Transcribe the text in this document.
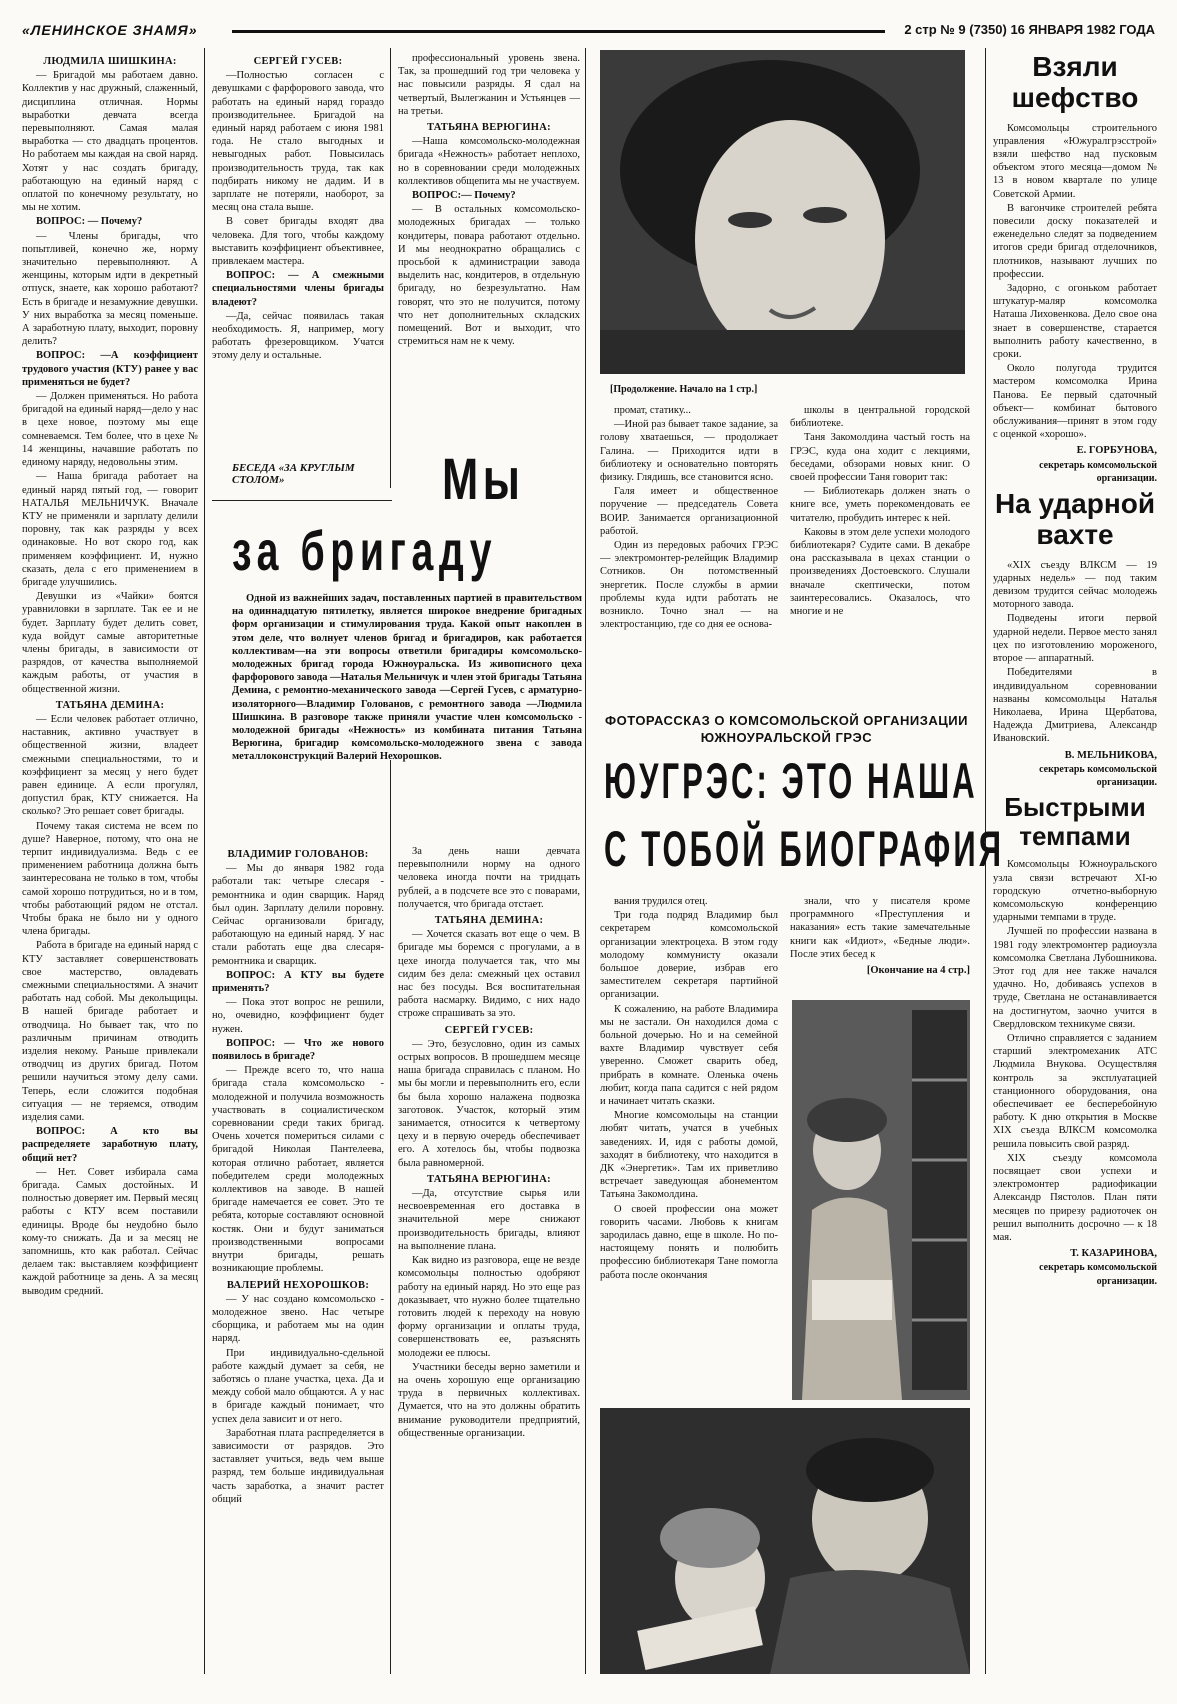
«ЛЕНИНСКОЕ ЗНАМЯ»	2 стр № 9 (7350) 16 ЯНВАРЯ 1982 ГОДА

ЛЮДМИЛА ШИШКИНА:

— Бригадой мы работаем давно. Коллектив у нас дружный, слаженный, дисциплина отличная. Нормы выработки девчата всегда перевыполняют. Самая малая выработка — сто двадцать процентов. Но работаем мы каждая на свой наряд. Хотят у нас создать бригаду, работающую на единый наряд с оплатой по конечному результату, но мы не хотим.

ВОПРОС: — Почему?

— Члены бригады, что попытливей, конечно же, норму значительно перевыполняют. А женщины, которым идти в декретный отпуск, знаете, как хорошо работают? Есть в бригаде и незамужние девушки. У них выработка за месяц поменьше. А заработную плату, выходит, поровну делить?

ВОПРОС: —А коэффициент трудового участия (КТУ) ранее у вас применяться не будет?

— Должен применяться. Но работа бригадой на единый наряд—дело у нас в цехе новое, поэтому мы еще сомневаемся. Тем более, что в цехе № 14 женщины, начавшие работать по единому наряду, недовольны этим.

— Наша бригада работает на единый наряд пятый год, — говорит НАТАЛЬЯ МЕЛЬНИЧУК. Вначале КТУ не применяли и зарплату делили поровну, так как разряды у всех одинаковые. Но вот скоро год, как применяем коэффициент. И, нужно сказать, дела с его применением в бригаде улучшились.

Девушки из «Чайки» боятся уравниловки в зарплате. Так ее и не будет. Зарплату будет делить совет, куда войдут самые авторитетные члены бригады, в зависимости от разрядов, от качества выполняемой каждым работы, от участия в общественной жизни.

ТАТЬЯНА ДЕМИНА:

— Если человек работает отлично, наставник, активно участвует в общественной жизни, владеет смежными специальностями, то и коэффициент за месяц у него будет равен единице. А если прогулял, допустил брак, КТУ снижается. На сколько? Это решает совет бригады.

Почему такая система не всем по душе? Наверное, потому, что она не терпит индивидуализма. Ведь с ее применением работница должна быть заинтересована не только в том, чтобы самой хорошо потрудиться, но и в том, чтобы работающий рядом не отстал. Чтобы брака не было ни у одного члена бригады.

Работа в бригаде на единый наряд с КТУ заставляет совершенствовать свое мастерство, овладевать смежными специальностями. А значит работать над собой. Мы декольщицы. В нашей бригаде работает и отводчица. Но бывает так, что по различным причинам отводить изделия некому. Раньше привлекали отводчиц из других бригад. Потом решили научиться этому делу сами. Теперь, если сложится подобная ситуация — не теряемся, отводим изделия сами.

ВОПРОС: А кто вы распределяете заработную плату, общий нет?

— Нет. Совет избирала сама бригада. Самых достойных. И полностью доверяет им. Первый месяц работы с КТУ всем поставили единицы. Вроде бы неудобно было кому-то снижать. Да и за месяц не запомнишь, кто как работал. Сейчас делаем так: выставляем коэффициент каждой работнице за день. А за месяц выводим средний.

СЕРГЕЙ ГУСЕВ:

—Полностью согласен с девушками с фарфорового завода, что работать на единый наряд гораздо производительнее. Бригадой на единый наряд работаем с июня 1981 года. Не стало выгодных и невыгодных работ. Повысилась производительность труда, так как подбирать никому не дадим. И в зарплате не потеряли, наоборот, за месяц она стала выше.

В совет бригады входят два человека. Для того, чтобы каждому выставить коэффициент объективнее, привлекаем мастера.

ВОПРОС: — А смежными специальностями члены бригады владеют?

—Да, сейчас появилась такая необходимость. Я, например, могу работать фрезеровщиком. Учатся этому делу и остальные.

профессиональный уровень звена. Так, за прошедший год три человека у нас повысили разряды. Я сдал на четвертый, Вылегжанин и Устьянцев — на третьи.

ТАТЬЯНА ВЕРЮГИНА:

—Наша комсомольско-молодежная бригада «Нежность» работает неплохо, но в соревновании среди молодежных коллективов общепита мы не участвуем.

ВОПРОС:— Почему?

— В остальных комсомольско-молодежных бригадах — только кондитеры, повара работают отдельно. И мы неоднократно обращались с просьбой к администрации завода выделить нас, кондитеров, в отдельную бригаду, но безрезультатно. Нам говорят, что это не получится, потому что нет дополнительных складских помещений. Вот и выходит, что стремиться нам не к чему.

БЕСЕДА «ЗА КРУГЛЫМ СТОЛОМ»	Мы
за бригаду

Одной из важнейших задач, поставленных партией в правительством на одиннадцатую пятилетку, является широкое внедрение бригадных форм организации и стимулирования труда. Какой опыт накоплен в этом деле, что волнует членов бригад и бригадиров, как работается коллективам—на эти вопросы ответили бригадиры комсомольско-молодежных бригад города Южноуральска. Из живописного цеха фарфорового завода —Наталья Мельничук и член этой бригады Татьяна Демина, с ремонтно-механического завода —Сергей Гусев, с арматурно-изоляторного—Владимир Голованов, с ремонтного завода —Людмила Шишкина. В разговоре также приняли участие член комсомольско - молодежной бригады «Нежность» из комбината питания Татьяна Верюгина, бригадир комсомольско-молодежного звена с завода металлоконструкций Валерий Нехорошков.

ВЛАДИМИР ГОЛОВАНОВ:

— Мы до января 1982 года работали так: четыре слесаря - ремонтника и один сварщик. Наряд был один. Зарплату делили поровну. Сейчас организовали бригаду, работающую на единый наряд. У нас стали работать еще два слесаря-ремонтника и сварщик.

ВОПРОС: А КТУ вы будете применять?

— Пока этот вопрос не решили, но, очевидно, коэффициент будет нужен.

ВОПРОС: — Что же нового появилось в бригаде?

— Прежде всего то, что наша бригада стала комсомольско - молодежной и получила возможность участвовать в социалистическом соревновании среди таких бригад. Очень хочется помериться силами с бригадой Николая Пантелеева, которая отлично работает, является победителем среди молодежных коллективов на заводе. В нашей бригаде намечается ее совет. Это те ребята, которые составляют основной костяк. Они и будут заниматься производственными вопросами внутри бригады, решать возникающие проблемы.

ВАЛЕРИЙ НЕХОРОШКОВ:

— У нас создано комсомольско - молодежное звено. Нас четыре сборщика, и работаем мы на один наряд.

При индивидуально-сдельной работе каждый думает за себя, не заботясь о плане участка, цеха. Да и между собой мало общаются. А у нас в бригаде каждый понимает, что успех дела зависит и от него.

Заработная плата распределяется в зависимости от разрядов. Это заставляет учиться, ведь чем выше разряд, тем больше индивидуальная часть заработка, а значит растет общий

За день наши девчата перевыполнили норму на одного человека иногда почти на тридцать рублей, а в подсчете все это с поварами, получается, что бригада отстает.

ТАТЬЯНА ДЕМИНА:

— Хочется сказать вот еще о чем. В бригаде мы боремся с прогулами, а в цехе иногда получается так, что мы сидим без дела: смежный цех оставил нас без посуды. Вся воспитательная работа насмарку. Видимо, с них надо строже спрашивать за это.

СЕРГЕЙ ГУСЕВ:

— Это, безусловно, один из самых острых вопросов. В прошедшем месяце наша бригада справилась с планом. Но мы бы могли и перевыполнить его, если бы была хорошо налажена подвозка заготовок. Участок, который этим занимается, относится к четвертому цеху и в первую очередь обеспечивает его. А хотелось бы, чтобы подвозка была равномерной.

ТАТЬЯНА ВЕРЮГИНА:

—Да, отсутствие сырья или несвоевременная его доставка в значительной мере снижают производительность бригады, влияют на выполнение плана.

Как видно из разговора, еще не везде комсомольцы полностью одобряют работу на единый наряд. Но это еще раз доказывает, что нужно более тщательно готовить людей к переходу на новую форму организации и оплаты труда, совершенствовать ее, разъяснять молодежи ее плюсы.

Участники беседы верно заметили и на очень хорошую еще организацию труда в первичных коллективах. Думается, что на это должны обратить внимание руководители предприятий, общественные организации.

[Продолжение. Начало на 1 стр.]

промат, статику...

—Иной раз бывает такое задание, за голову хватаешься, — продолжает Галина. — Приходится идти в библиотеку и основательно повторять физику. Глядишь, все становится ясно.

Галя имеет и общественное поручение — председатель Совета ВОИР. Занимается организационной работой.

Один из передовых рабочих ГРЭС— электромонтер-релейщик Владимир Сотников. Он потомственный энергетик. После службы в армии проблемы куда идти работать не возникло. Точно знал — на электростанцию, где со дня ее основа-

школы в центральной городской библиотеке.

Таня Закомолдина частый гость на ГРЭС, куда она ходит с лекциями, беседами, обзорами новых книг. О своей профессии Таня говорит так:

— Библиотекарь должен знать о книге все, уметь порекомендовать ее читателю, пробудить интерес к ней.

Каковы в этом деле успехи молодого библиотекаря? Судите сами. В декабре она рассказывала в цехах станции о произведениях Достоевского. Слушали вначале скептически, потом заинтересовались. Оказалось, что многие и не

ФОТОРАССКАЗ О КОМСОМОЛЬСКОЙ ОРГАНИЗАЦИИ ЮЖНОУРАЛЬСКОЙ ГРЭС
ЮУГРЭС: ЭТО НАША
С ТОБОЙ БИОГРАФИЯ

вания трудился отец.

Три года подряд Владимир был секретарем комсомольской организации электроцеха. В этом году молодому коммунисту оказали большое доверие, избрав его заместителем секретаря партийной организации.

К сожалению, на работе Владимира мы не застали. Он находился дома с больной дочерью. Но и на семейной вахте Владимир чувствует себя уверенно. Сможет сварить обед, прибрать в комнате. Оленька очень любит, когда папа садится с ней рядом и начинает читать сказки.

Многие комсомольцы на станции любят читать, учатся в учебных заведениях. И, идя с работы домой, заходят в библиотеку, что находится в ДК «Энергетик». Там их приветливо встречает заведующая абонементом Татьяна Закомолдина.

О своей профессии она может говорить часами. Любовь к книгам зародилась давно, еще в школе. Но по-настоящему понять и полюбить профессию библиотекаря Тане помогла работа после окончания

знали, что у писателя кроме программного «Преступления и наказания» есть такие замечательные книги как «Идиот», «Бедные люди». После этих бесед к

[Окончание на 4 стр.]

Взяли шефство

Комсомольцы строительного управления «Южуралгрэсстрой» взяли шефство над пусковым объектом этого месяца—домом № 13 в новом квартале по улице Советской Армии.

В вагончике строителей ребята повесили доску показателей и еженедельно следят за подведением итогов среди бригад отделочников, плотников, называют лучших по профессии.

Задорно, с огоньком работает штукатур-маляр комсомолка Наташа Лиховенкова. Дело свое она знает в совершенстве, старается выполнить работу качественно, в сроки.

Около полугода трудится мастером комсомолка Ирина Панова. Ее первый сдаточный объект— комбинат бытового обслуживания—принят в этом году с оценкой «хорошо».

Е. ГОРБУНОВА,

секретарь комсомольской организации.

На ударной вахте

«XIX съезду ВЛКСМ — 19 ударных недель» — под таким девизом трудится сейчас молодежь моторного завода.

Подведены итоги первой ударной недели. Первое место занял цех по изготовлению мороженого, второе — аппаратный.

Победителями в индивидуальном соревновании названы комсомольцы Наталья Николаева, Ирина Щербатова, Надежда Дмитриева, Александр Ивановский.

В. МЕЛЬНИКОВА,

секретарь комсомольской организации.

Быстрыми темпами

Комсомольцы Южноуральского узла связи встречают XI-ю городскую отчетно-выборную комсомольскую конференцию ударными темпами в труде.

Лучшей по профессии названа в 1981 году электромонтер радиоузла комсомолка Светлана Лубошникова. Этот год для нее также начался удачно. Но, добиваясь успехов в труде, Светлана не останавливается на достигнутом, заочно учится в Свердловском техникуме связи.

Отлично справляется с заданием старший электромеханик АТС Людмила Внукова. Осуществляя контроль за эксплуатацией станционного оборудования, она обеспечивает ее бесперебойную работу. К дню открытия в Москве XIX съезда ВЛКСМ комсомолка решила повысить свой разряд.

XIX съезду комсомола посвящает свои успехи и электромонтер радиофикации Александр Пястолов. План пяти месяцев по прирезу радиоточек он решил выполнить досрочно — к 18 мая.

Т. КАЗАРИНОВА,

секретарь комсомольской организации.
